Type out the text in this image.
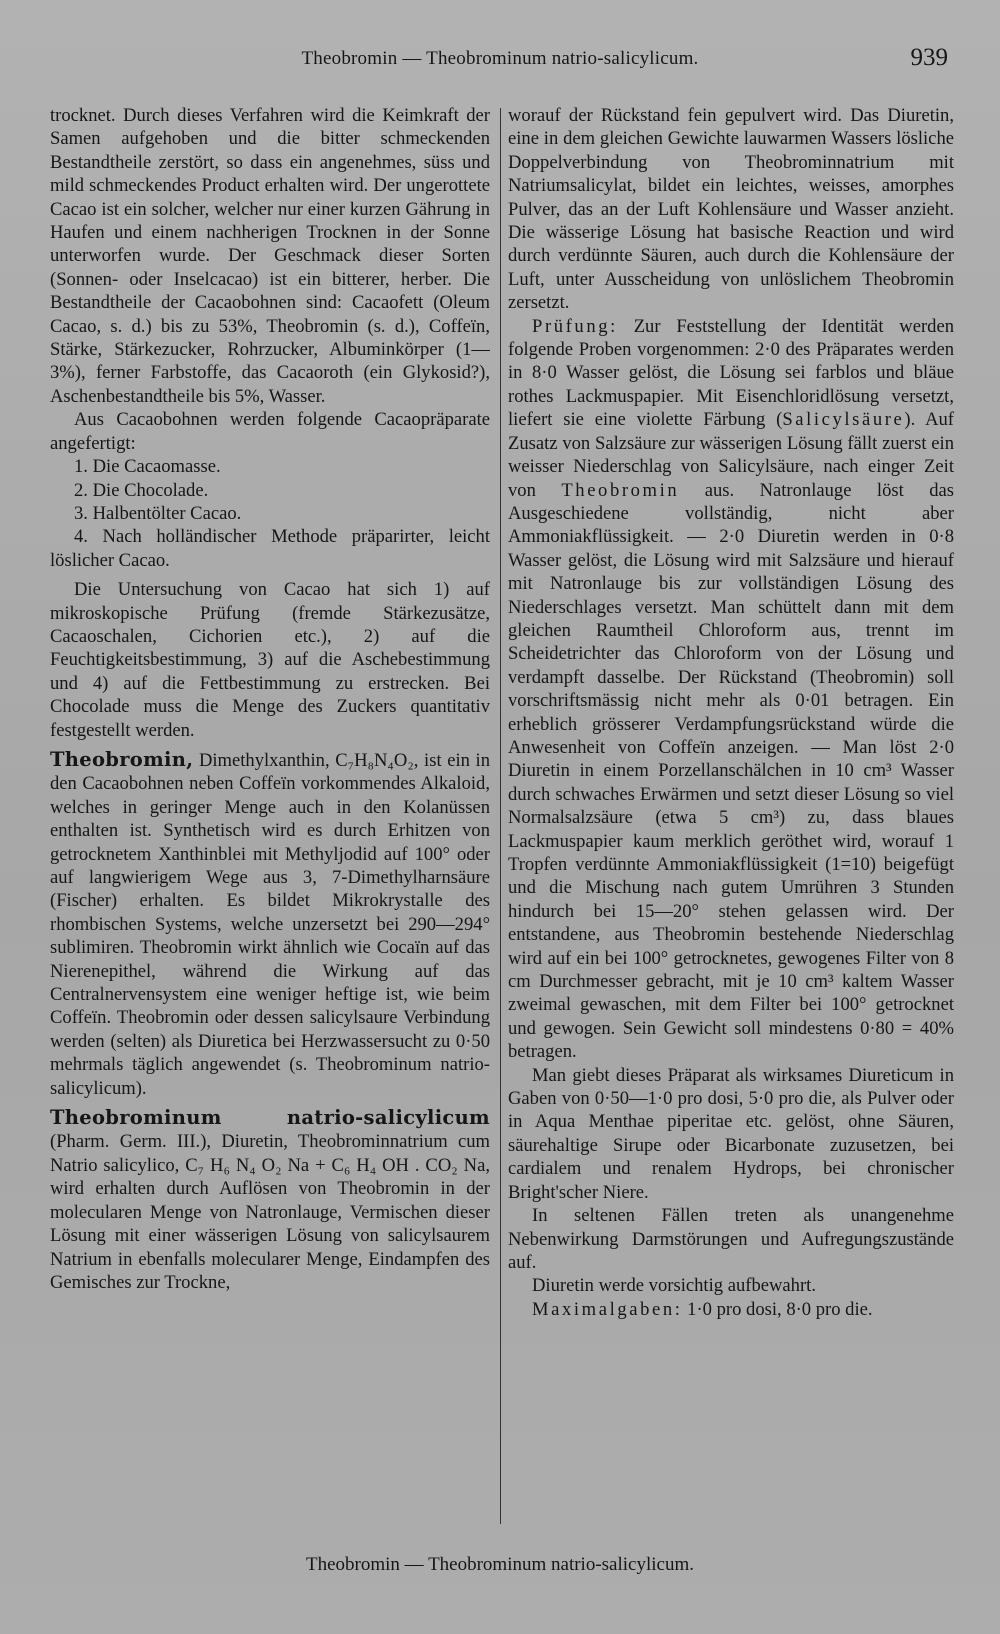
Theobromin — Theobrominum natrio-salicylicum.	939

trocknet. Durch dieses Verfahren wird die Keimkraft der Samen aufgehoben und die bitter schmeckenden Bestandtheile zerstört, so dass ein angenehmes, süss und mild schmeckendes Product erhalten wird. Der ungerottete Cacao ist ein solcher, welcher nur einer kurzen Gährung in Haufen und einem nachherigen Trocknen in der Sonne unterworfen wurde. Der Geschmack dieser Sorten (Sonnen- oder Inselcacao) ist ein bitterer, herber. Die Bestandtheile der Cacaobohnen sind: Cacaofett (Oleum Cacao, s. d.) bis zu 53%, Theobromin (s. d.), Coffeïn, Stärke, Stärkezucker, Rohrzucker, Albuminkörper (1—3%), ferner Farbstoffe, das Cacaoroth (ein Glykosid?), Aschenbestandtheile bis 5%, Wasser.

Aus Cacaobohnen werden folgende Cacaopräparate angefertigt:

1. Die Cacaomasse.
2. Die Chocolade.
3. Halbentölter Cacao.
4. Nach holländischer Methode präparirter, leicht löslicher Cacao.

Die Untersuchung von Cacao hat sich 1) auf mikroskopische Prüfung (fremde Stärkezusätze, Cacaoschalen, Cichorien etc.), 2) auf die Feuchtigkeitsbestimmung, 3) auf die Aschebestimmung und 4) auf die Fettbestimmung zu erstrecken. Bei Chocolade muss die Menge des Zuckers quantitativ festgestellt werden.

Theobromin, Dimethylxanthin, C₇H₈N₄O₂, ist ein in den Cacaobohnen neben Coffeïn vorkommendes Alkaloid, welches in geringer Menge auch in den Kolanüssen enthalten ist. Synthetisch wird es durch Erhitzen von getrocknetem Xanthinblei mit Methyljodid auf 100° oder auf langwierigem Wege aus 3, 7-Dimethylharnsäure (Fischer) erhalten. Es bildet Mikrokrystalle des rhombischen Systems, welche unzersetzt bei 290—294° sublimiren. Theobromin wirkt ähnlich wie Cocaïn auf das Nierenepithel, während die Wirkung auf das Centralnervensystem eine weniger heftige ist, wie beim Coffeïn. Theobromin oder dessen salicylsaure Verbindung werden (selten) als Diuretica bei Herzwassersucht zu 0·50 mehrmals täglich angewendet (s. Theobrominum natrio-salicylicum).

Theobrominum natrio-salicylicum (Pharm. Germ. III.), Diuretin, Theobrominnatrium cum Natrio salicylico, C₇ H₆ N₄ O₂ Na + C₆ H₄ OH . CO₂ Na, wird erhalten durch Auflösen von Theobromin in der molecularen Menge von Natronlauge, Vermischen dieser Lösung mit einer wässerigen Lösung von salicylsaurem Natrium in ebenfalls molecularer Menge, Eindampfen des Gemisches zur Trockne,

worauf der Rückstand fein gepulvert wird. Das Diuretin, eine in dem gleichen Gewichte lauwarmen Wassers lösliche Doppelverbindung von Theobrominnatrium mit Natriumsalicylat, bildet ein leichtes, weisses, amorphes Pulver, das an der Luft Kohlensäure und Wasser anzieht. Die wässerige Lösung hat basische Reaction und wird durch verdünnte Säuren, auch durch die Kohlensäure der Luft, unter Ausscheidung von unlöslichem Theobromin zersetzt.

Prüfung: Zur Feststellung der Identität werden folgende Proben vorgenommen: 2·0 des Präparates werden in 8·0 Wasser gelöst, die Lösung sei farblos und bläue rothes Lackmuspapier. Mit Eisenchloridlösung versetzt, liefert sie eine violette Färbung (Salicylsäure). Auf Zusatz von Salzsäure zur wässerigen Lösung fällt zuerst ein weisser Niederschlag von Salicylsäure, nach einger Zeit von Theobromin aus. Natronlauge löst das Ausgeschiedene vollständig, nicht aber Ammoniakflüssigkeit. — 2·0 Diuretin werden in 0·8 Wasser gelöst, die Lösung wird mit Salzsäure und hierauf mit Natronlauge bis zur vollständigen Lösung des Niederschlages versetzt. Man schüttelt dann mit dem gleichen Raumtheil Chloroform aus, trennt im Scheidetrichter das Chloroform von der Lösung und verdampft dasselbe. Der Rückstand (Theobromin) soll vorschriftsmässig nicht mehr als 0·01 betragen. Ein erheblich grösserer Verdampfungsrückstand würde die Anwesenheit von Coffeïn anzeigen. — Man löst 2·0 Diuretin in einem Porzellanschälchen in 10 cm³ Wasser durch schwaches Erwärmen und setzt dieser Lösung so viel Normalsalzsäure (etwa 5 cm³) zu, dass blaues Lackmuspapier kaum merklich geröthet wird, worauf 1 Tropfen verdünnte Ammoniakflüssigkeit (1=10) beigefügt und die Mischung nach gutem Umrühren 3 Stunden hindurch bei 15—20° stehen gelassen wird. Der entstandene, aus Theobromin bestehende Niederschlag wird auf ein bei 100° getrocknetes, gewogenes Filter von 8 cm Durchmesser gebracht, mit je 10 cm³ kaltem Wasser zweimal gewaschen, mit dem Filter bei 100° getrocknet und gewogen. Sein Gewicht soll mindestens 0·80 = 40% betragen.

Man giebt dieses Präparat als wirksames Diureticum in Gaben von 0·50—1·0 pro dosi, 5·0 pro die, als Pulver oder in Aqua Menthae piperitae etc. gelöst, ohne Säuren, säurehaltige Sirupe oder Bicarbonate zuzusetzen, bei cardialem und renalem Hydrops, bei chronischer Bright'scher Niere.

In seltenen Fällen treten als unangenehme Nebenwirkung Darmstörungen und Aufregungszustände auf.

Diuretin werde vorsichtig aufbewahrt.

Maximalgaben: 1·0 pro dosi, 8·0 pro die.

Theobromin — Theobrominum natrio-salicylicum.
